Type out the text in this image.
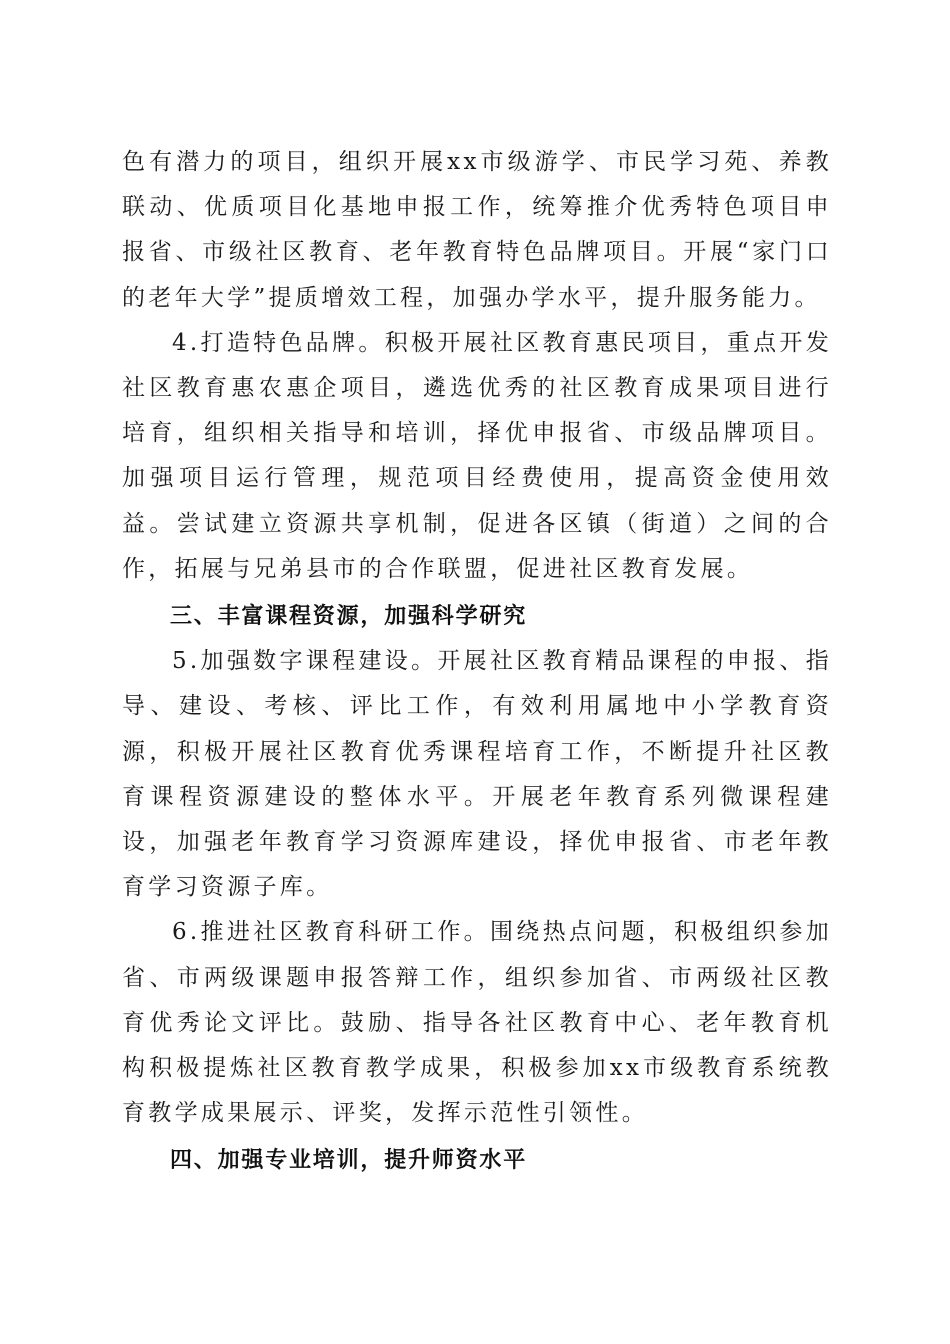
色有潜力的项目，组织开展xx市级游学、市民学习苑、养教联动、优质项目化基地申报工作，统筹推介优秀特色项目申报省、市级社区教育、老年教育特色品牌项目。开展“家门口的老年大学”提质增效工程，加强办学水平，提升服务能力。

4.打造特色品牌。积极开展社区教育惠民项目，重点开发社区教育惠农惠企项目，遴选优秀的社区教育成果项目进行培育，组织相关指导和培训，择优申报省、市级品牌项目。加强项目运行管理，规范项目经费使用，提高资金使用效益。尝试建立资源共享机制，促进各区镇（街道）之间的合作，拓展与兄弟县市的合作联盟，促进社区教育发展。

三、丰富课程资源，加强科学研究

5.加强数字课程建设。开展社区教育精品课程的申报、指导、建设、考核、评比工作，有效利用属地中小学教育资源，积极开展社区教育优秀课程培育工作，不断提升社区教育课程资源建设的整体水平。开展老年教育系列微课程建设，加强老年教育学习资源库建设，择优申报省、市老年教育学习资源子库。

6.推进社区教育科研工作。围绕热点问题，积极组织参加省、市两级课题申报答辩工作，组织参加省、市两级社区教育优秀论文评比。鼓励、指导各社区教育中心、老年教育机构积极提炼社区教育教学成果，积极参加xx市级教育系统教育教学成果展示、评奖，发挥示范性引领性。

四、加强专业培训，提升师资水平
